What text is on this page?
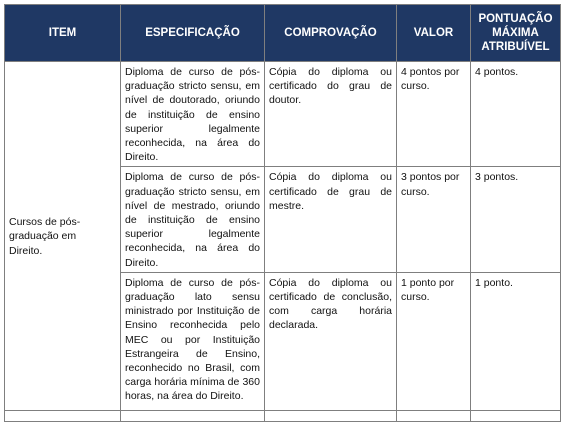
ITEM	ESPECIFICAÇÃO	COMPROVAÇÃO	VALOR	PONTUAÇÃO MÁXIMA ATRIBUÍVEL
Cursos de pós-graduação em Direito.	Diploma de curso de pós-graduação stricto sensu, em nível de doutorado, oriundo de instituição de ensino superior legalmente reconhecida, na área do Direito.	Cópia do diploma ou certificado do grau de doutor.	4 pontos por curso.	4 pontos.
	Diploma de curso de pós-graduação stricto sensu, em nível de mestrado, oriundo de instituição de ensino superior legalmente reconhecida, na área do Direito.	Cópia do diploma ou certificado de grau de mestre.	3 pontos por curso.	3 pontos.
	Diploma de curso de pós-graduação lato sensu ministrado por Instituição de Ensino reconhecida pelo MEC ou por Instituição Estrangeira de Ensino, reconhecido no Brasil, com carga horária mínima de 360 horas, na área do Direito.	Cópia do diploma ou certificado de conclusão, com carga horária declarada.	1 ponto por curso.	1 ponto.
